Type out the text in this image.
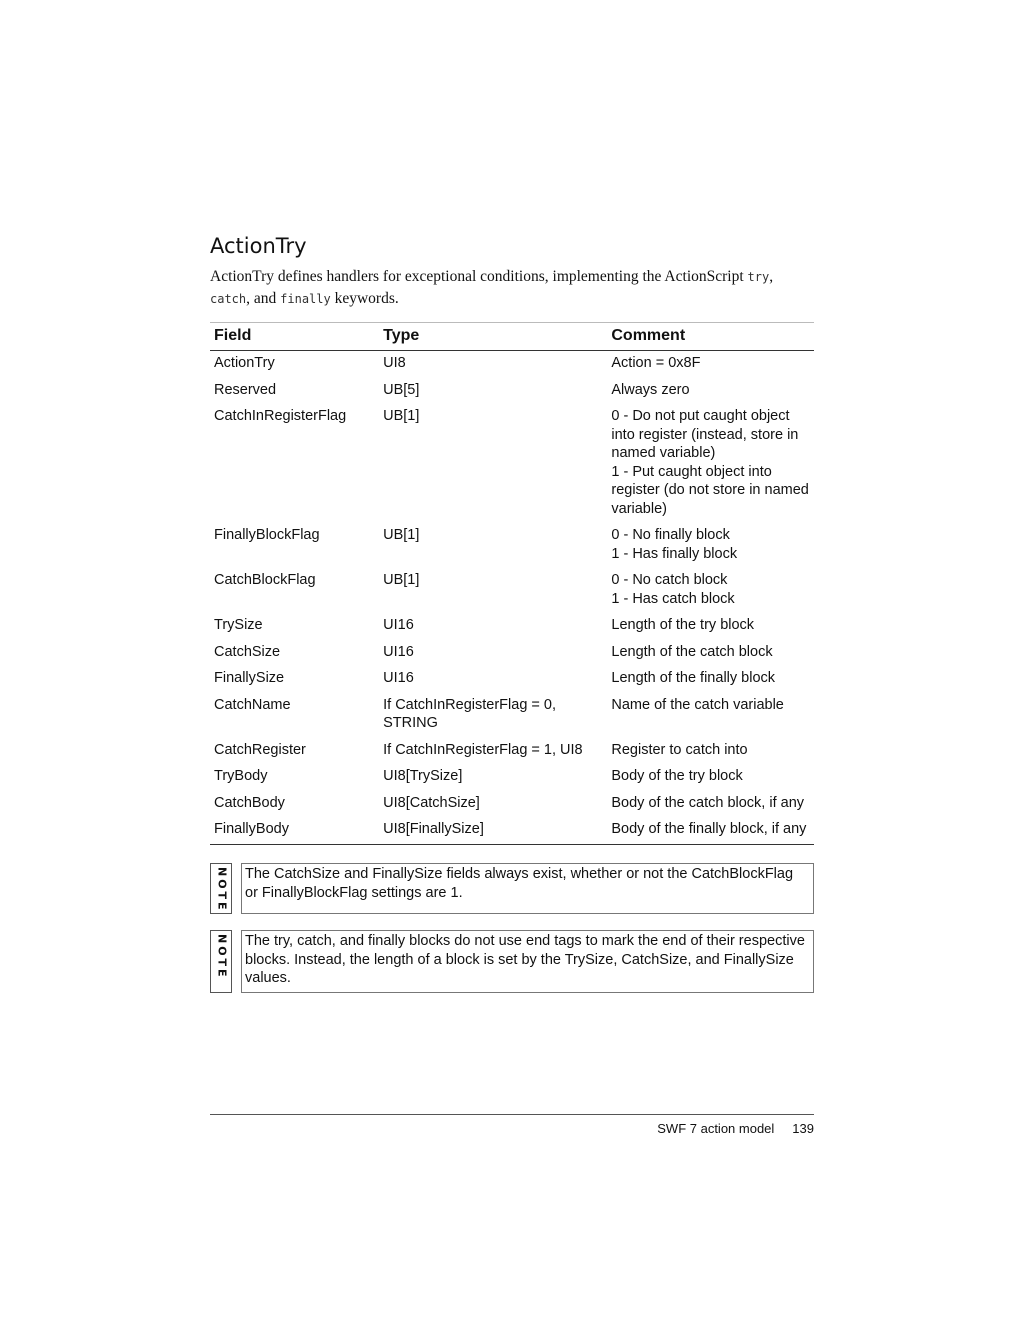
ActionTry

ActionTry defines handlers for exceptional conditions, implementing the ActionScript try, catch, and finally keywords.

Field	Type	Comment
ActionTry	UI8	Action = 0x8F

Reserved	UB[5]	Always zero

CatchInRegisterFlag	UB[1]	0 - Do not put caught object into register (instead, store in named variable)
1 - Put caught object into register (do not store in named variable)

FinallyBlockFlag	UB[1]	0 - No finally block
1 - Has finally block

CatchBlockFlag	UB[1]	0 - No catch block
1 - Has catch block

TrySize	UI16	Length of the try block

CatchSize	UI16	Length of the catch block

FinallySize	UI16	Length of the finally block

CatchName	If CatchInRegisterFlag = 0, STRING	Name of the catch variable

CatchRegister	If CatchInRegisterFlag = 1, UI8	Register to catch into

TryBody	UI8[TrySize]	Body of the try block

CatchBody	UI8[CatchSize]	Body of the catch block, if any

FinallyBody	UI8[FinallySize]	Body of the finally block, if any
NOTE The CatchSize and FinallySize fields always exist, whether or not the CatchBlockFlag or FinallyBlockFlag settings are 1.
NOTE The try, catch, and finally blocks do not use end tags to mark the end of their respective blocks. Instead, the length of a block is set by the TrySize, CatchSize, and FinallySize values.
SWF 7 action model 139
